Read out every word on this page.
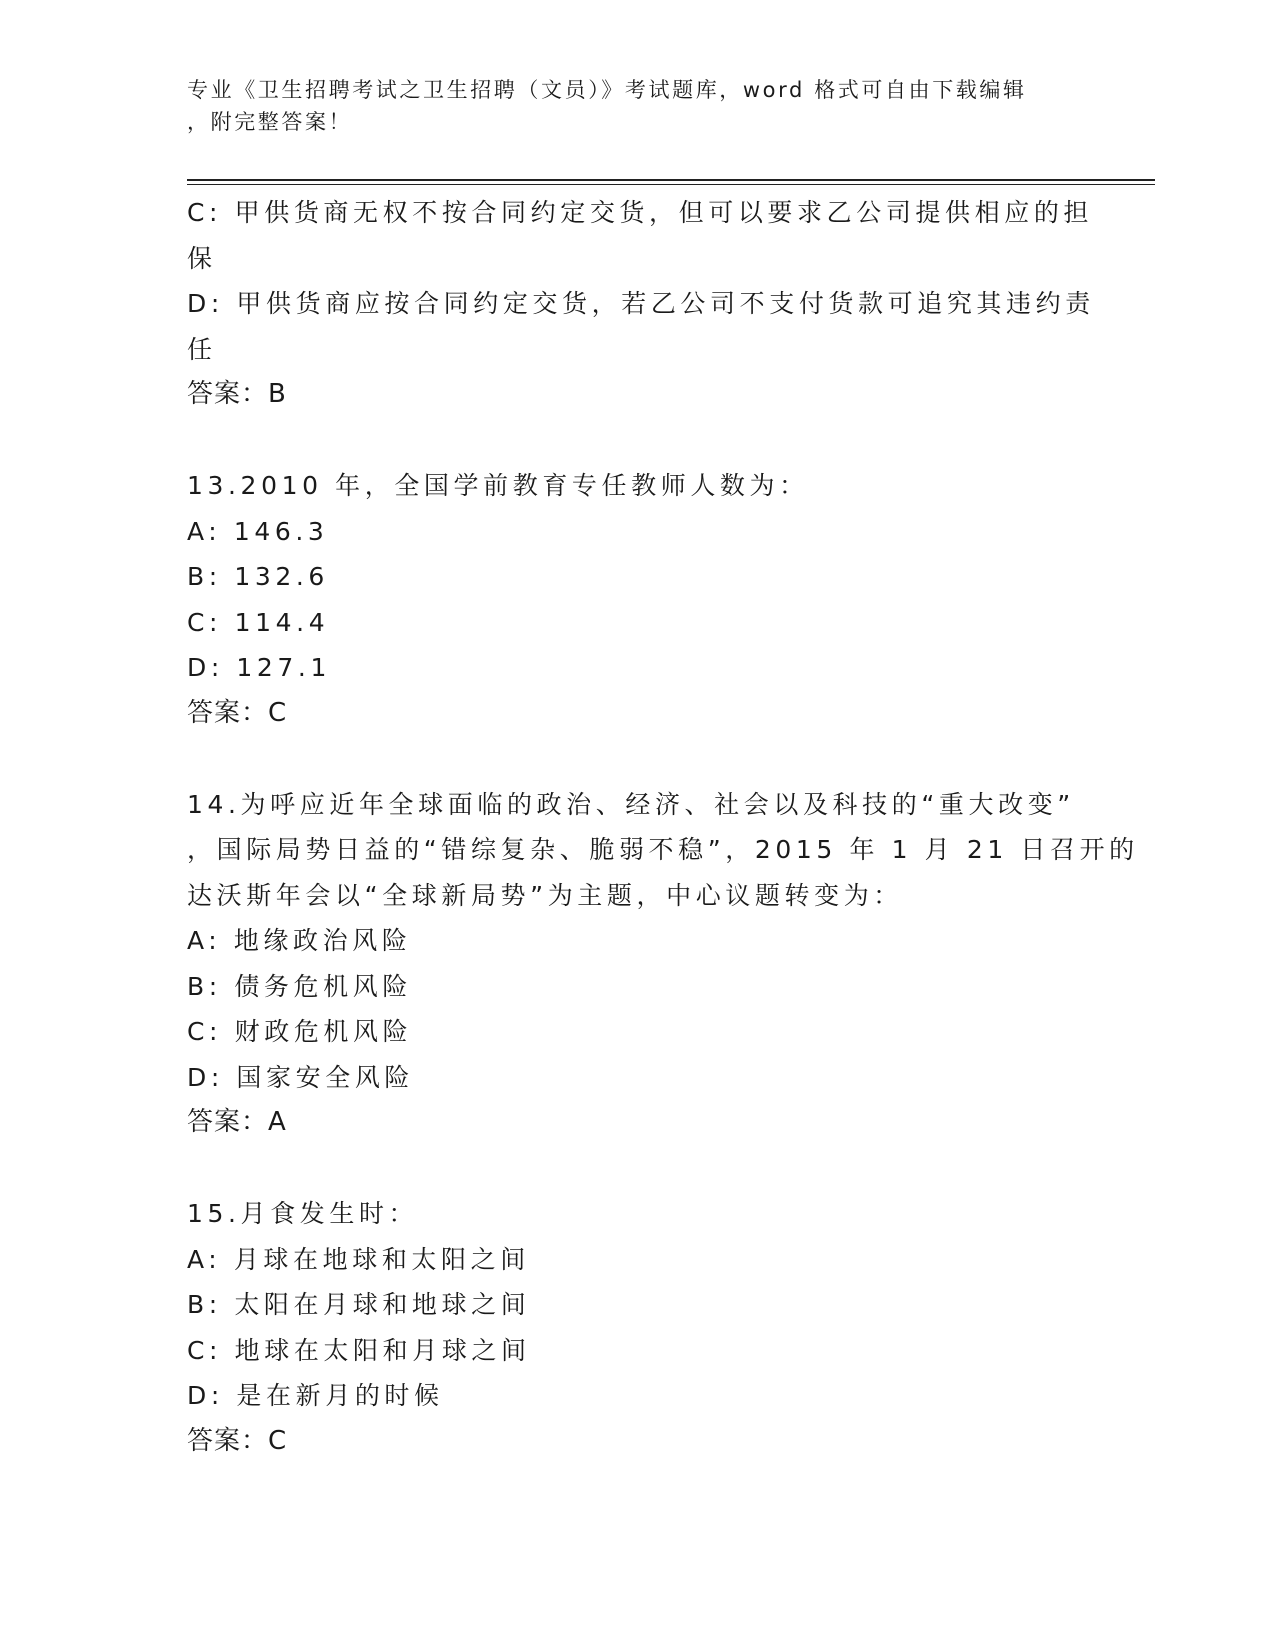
专业《卫生招聘考试之卫生招聘（文员）》考试题库，word 格式可自由下载编辑
，附完整答案！
C: 甲供货商无权不按合同约定交货，但可以要求乙公司提供相应的担
保
D: 甲供货商应按合同约定交货，若乙公司不支付货款可追究其违约责
任
答案：B
13.2010 年，全国学前教育专任教师人数为：
A: 146.3
B: 132.6
C: 114.4
D: 127.1
答案：C
14.为呼应近年全球面临的政治、经济、社会以及科技的“重大改变”
，国际局势日益的“错综复杂、脆弱不稳”，2015 年 1 月 21 日召开的
达沃斯年会以“全球新局势”为主题，中心议题转变为：
A: 地缘政治风险
B: 债务危机风险
C: 财政危机风险
D: 国家安全风险
答案：A
15.月食发生时：
A: 月球在地球和太阳之间
B: 太阳在月球和地球之间
C: 地球在太阳和月球之间
D: 是在新月的时候
答案：C
